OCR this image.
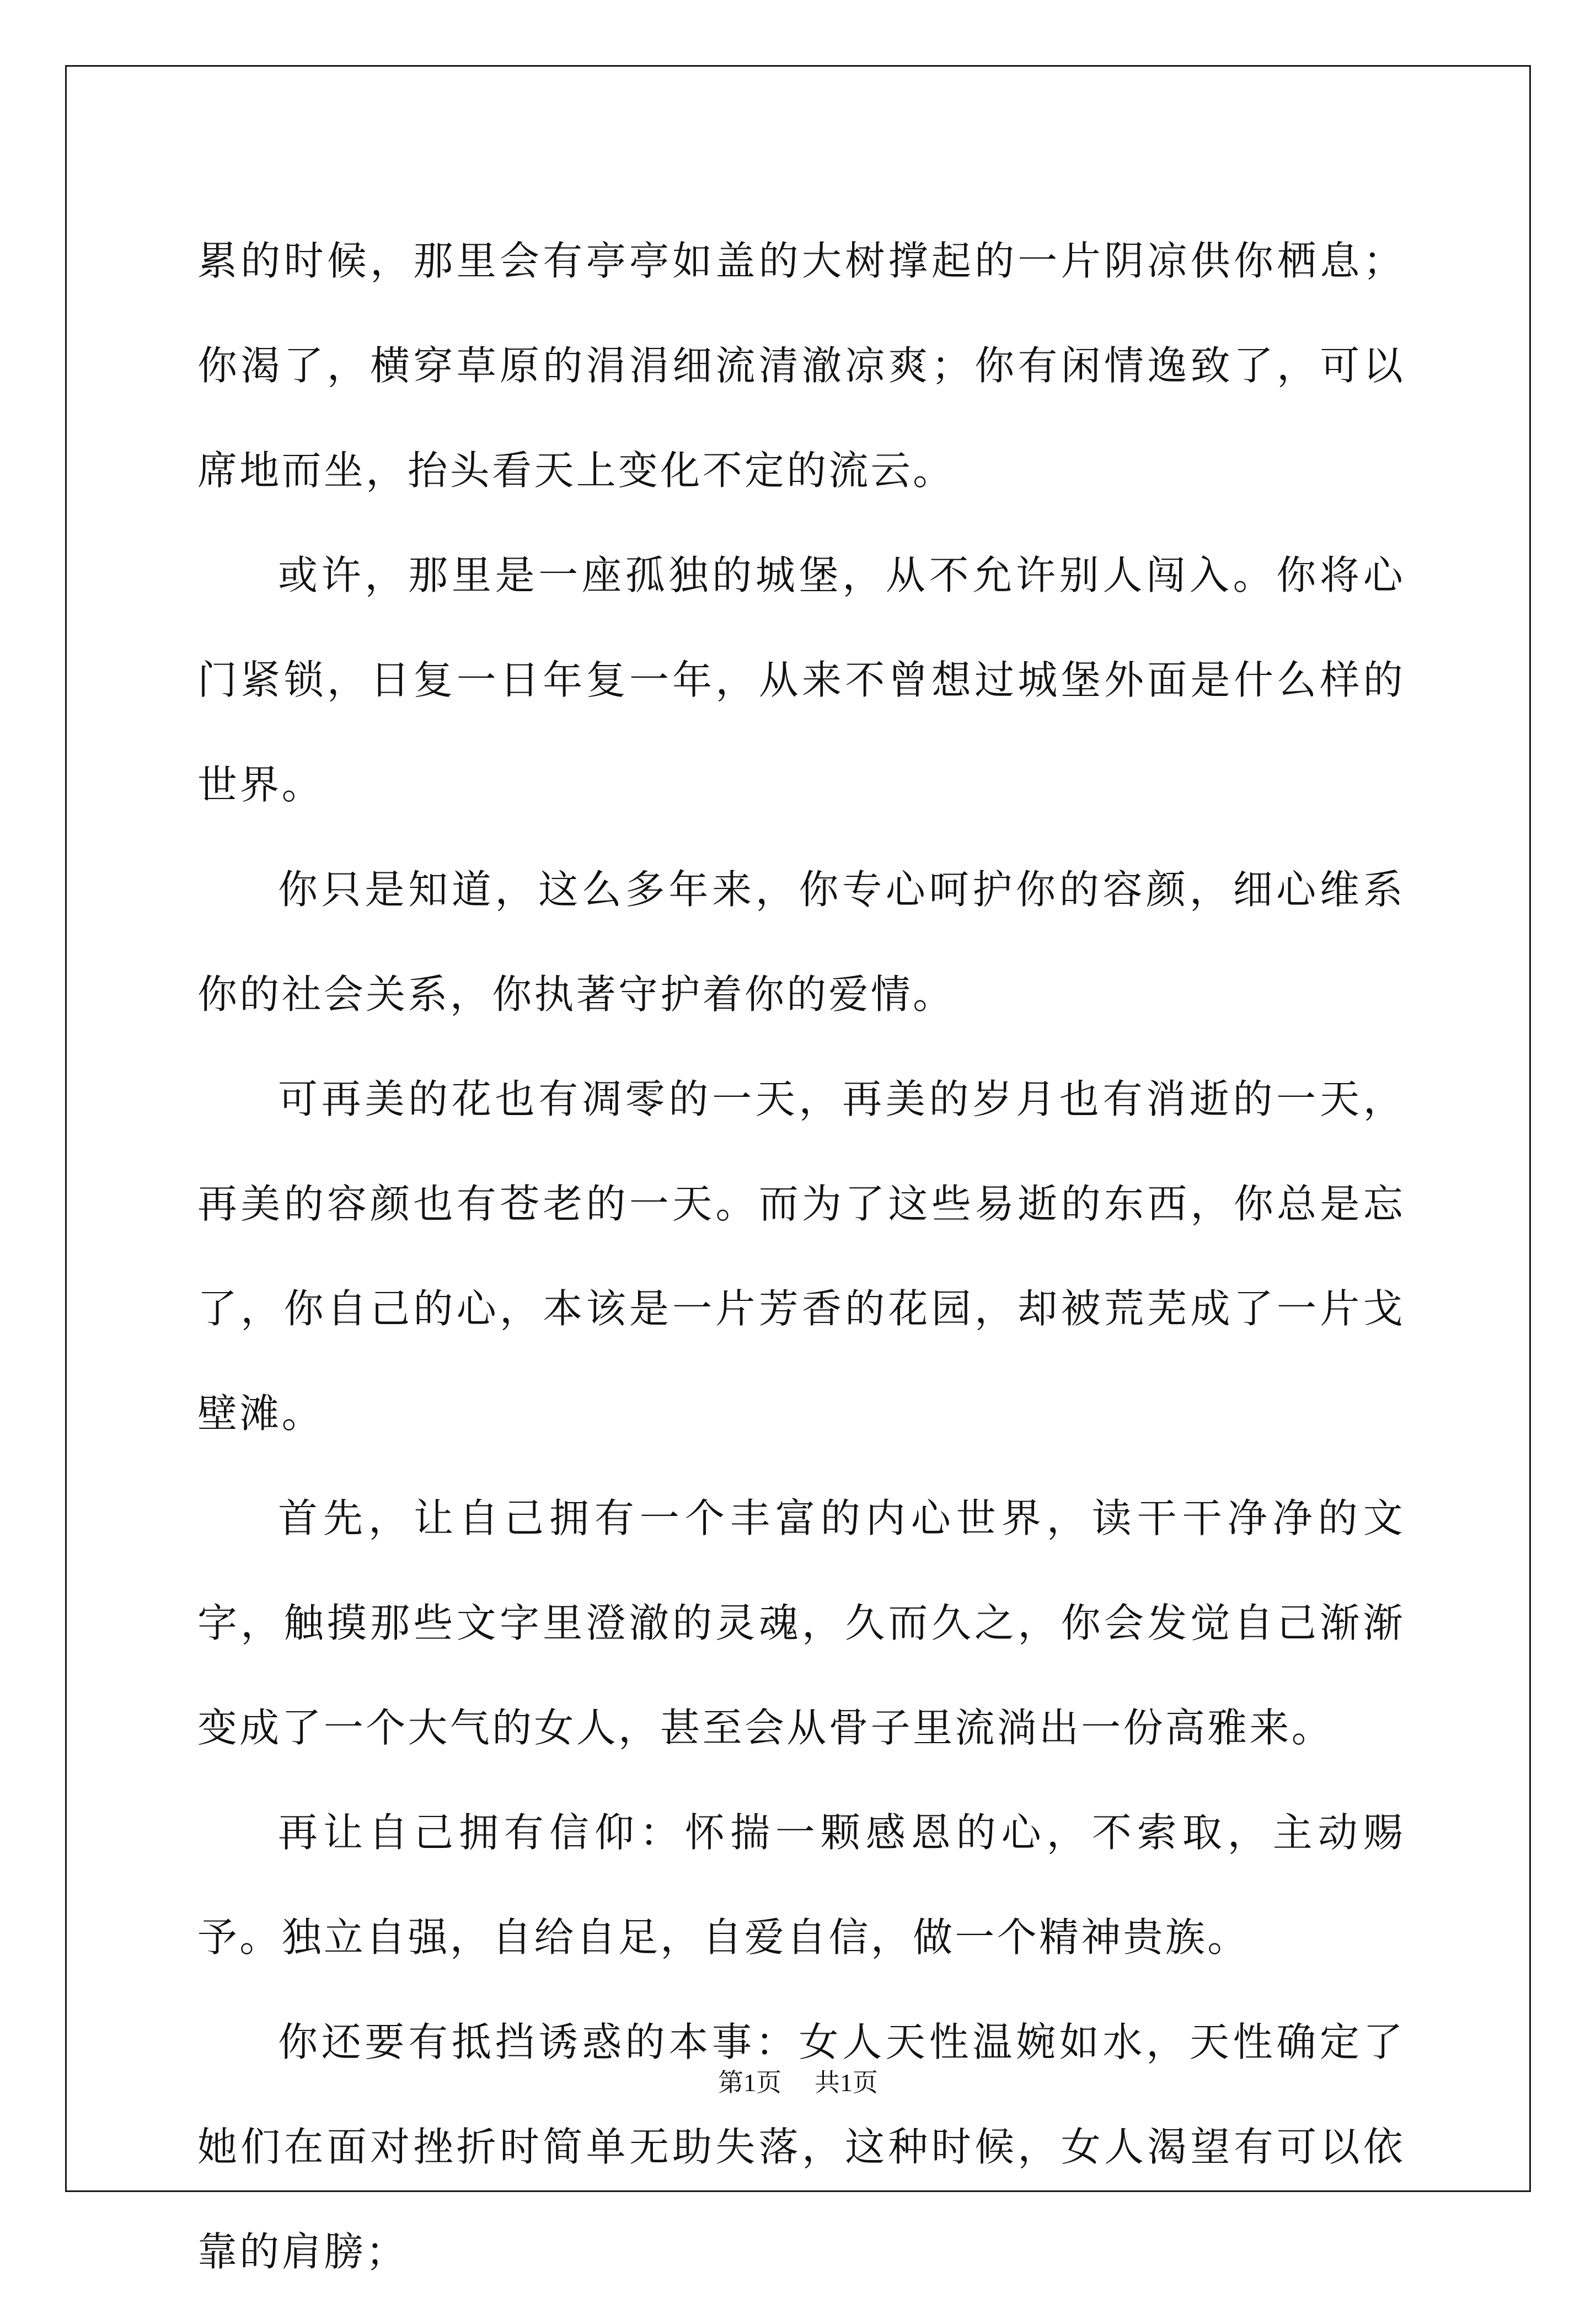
累的时候，那里会有亭亭如盖的大树撑起的一片阴凉供你栖息；你渴了，横穿草原的涓涓细流清澈凉爽；你有闲情逸致了，可以席地而坐，抬头看天上变化不定的流云。

或许，那里是一座孤独的城堡，从不允许别人闯入。你将心门紧锁，日复一日年复一年，从来不曾想过城堡外面是什么样的世界。

你只是知道，这么多年来，你专心呵护你的容颜，细心维系你的社会关系，你执著守护着你的爱情。

可再美的花也有凋零的一天，再美的岁月也有消逝的一天，再美的容颜也有苍老的一天。而为了这些易逝的东西，你总是忘了，你自己的心，本该是一片芳香的花园，却被荒芜成了一片戈壁滩。

首先，让自己拥有一个丰富的内心世界，读干干净净的文字，触摸那些文字里澄澈的灵魂，久而久之，你会发觉自己渐渐变成了一个大气的女人，甚至会从骨子里流淌出一份高雅来。

再让自己拥有信仰：怀揣一颗感恩的心，不索取，主动赐予。独立自强，自给自足，自爱自信，做一个精神贵族。

你还要有抵挡诱惑的本事：女人天性温婉如水，天性确定了她们在面对挫折时简单无助失落，这种时候，女人渴望有可以依靠的肩膀；

第1页 共1页
